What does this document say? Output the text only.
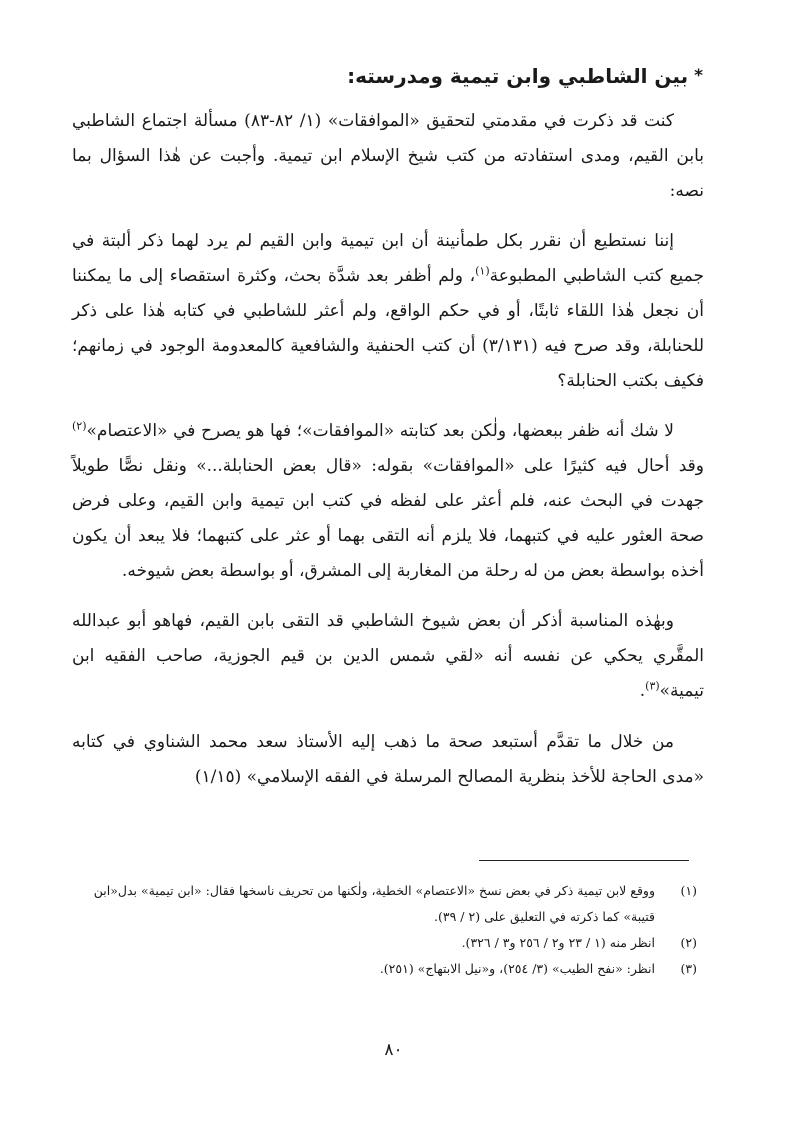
*
بين الشاطبي وابن تيمية ومدرسته:

كنت قد ذكرت في مقدمتي لتحقيق «الموافقات» (١/ ٨٢-٨٣) مسألة اجتماع الشاطبي بابن القيم، ومدى استفادته من كتب شيخ الإسلام ابن تيمية. وأجبت عن هٰذا السؤال بما نصه:

إننا نستطيع أن نقرر بكل طمأنينة أن ابن تيمية وابن القيم لم يرد لهما ذكر ألبتة في جميع كتب الشاطبي المطبوعة$^{(١)}$، ولم أظفر بعد شدَّة بحث، وكثرة استقصاء إلى ما يمكننا أن نجعل هٰذا اللقاء ثابتًا، أو في حكم الواقع، ولم أعثر للشاطبي في كتابه هٰذا على ذكر للحنابلة، وقد صرح فيه (٣/١٣١) أن كتب الحنفية والشافعية كالمعدومة الوجود في زمانهم؛ فكيف بكتب الحنابلة؟

لا شك أنه ظفر ببعضها، ولٰكن بعد كتابته «الموافقات»؛ فها هو يصرح في «الاعتصام»$^{(٢)}$ وقد أحال فيه كثيرًا على «الموافقات» بقوله: «قال بعض الحنابلة...» ونقل نصًّا طويلاً جهدت في البحث عنه، فلم أعثر على لفظه في كتب ابن تيمية وابن القيم، وعلى فرض صحة العثور عليه في كتبهما، فلا يلزم أنه التقى بهما أو عثر على كتبهما؛ فلا يبعد أن يكون أخذه بواسطة بعض من له رحلة من المغاربة إلى المشرق، أو بواسطة بعض شيوخه.

وبهٰذه المناسبة أذكر أن بعض شيوخ الشاطبي قد التقى بابن القيم، فهاهو أبو عبدالله المقَّري يحكي عن نفسه أنه «لقي شمس الدين بن قيم الجوزية، صاحب الفقيه ابن تيمية»$^{(٣)}$.

من خلال ما تقدَّم أستبعد صحة ما ذهب إليه الأستاذ سعد محمد الشناوي في كتابه «مدى الحاجة للأخذ بنظرية المصالح المرسلة في الفقه الإسلامي» (١/١٥)

(١)
ووقع لابن تيمية ذكر في بعض نسخ «الاعتصام» الخطية، ولٰكنها من تحريف ناسخها فقال: «ابن تيمية» بدل«ابن قتيبة» كما ذكرته في التعليق على (٢ / ٣٩).
(٢)
انظر منه (١ / ٢٣ و٢ / ٢٥٦ و٣ / ٣٢٦).
(٣)
انظر: «نفح الطيب» (٣/ ٢٥٤)، و«نيل الابتهاج» (٢٥١).
٨٠
